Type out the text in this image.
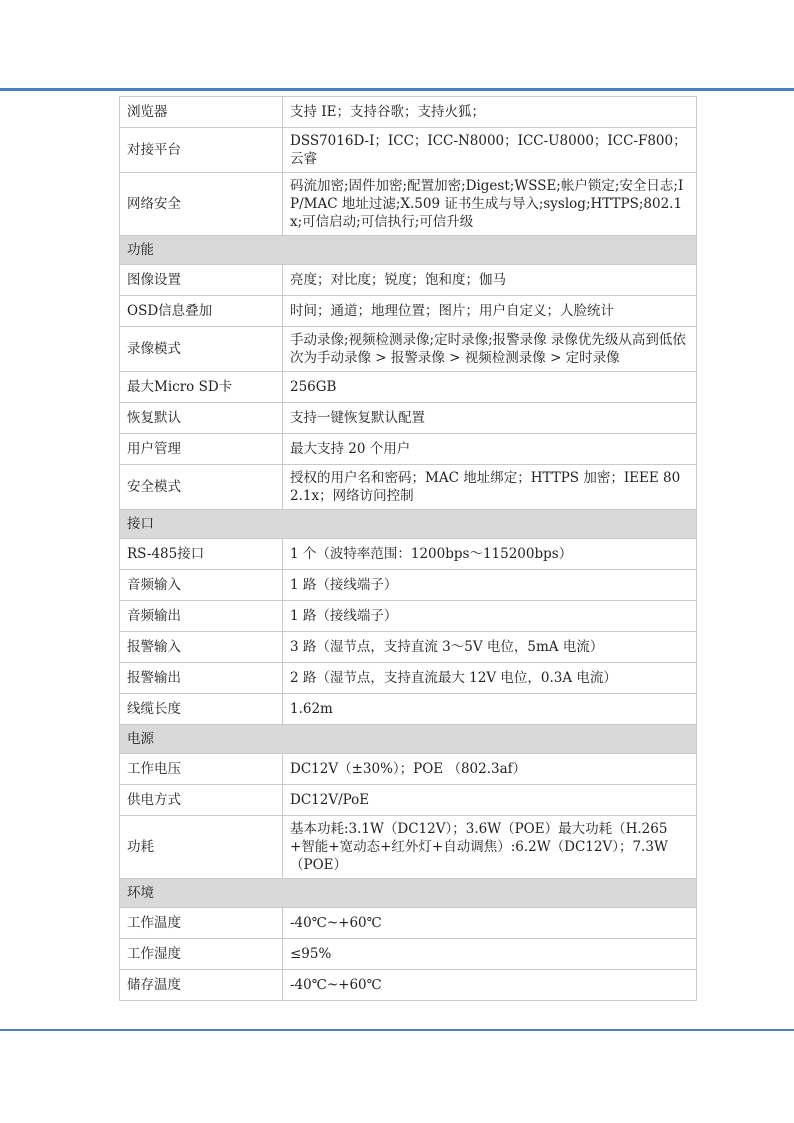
浏览器	支持 IE；支持谷歌；支持火狐；
对接平台	DSS7016D-I；ICC；ICC-N8000；ICC-U8000；ICC-F800；云睿
网络安全	码流加密;固件加密;配置加密;Digest;WSSE;帐户锁定;安全日志;IP/MAC 地址过滤;X.509 证书生成与导入;syslog;HTTPS;802.1x;可信启动;可信执行;可信升级
功能	
图像设置	亮度；对比度；锐度；饱和度；伽马
OSD信息叠加	时间；通道；地理位置；图片；用户自定义；人脸统计
录像模式	手动录像;视频检测录像;定时录像;报警录像 录像优先级从高到低依次为手动录像 > 报警录像 > 视频检测录像 > 定时录像
最大Micro SD卡	256GB
恢复默认	支持一键恢复默认配置
用户管理	最大支持 20 个用户
安全模式	授权的用户名和密码；MAC 地址绑定；HTTPS 加密；IEEE 802.1x；网络访问控制
接口	
RS-485接口	1 个（波特率范围：1200bps～115200bps）
音频输入	1 路（接线端子）
音频输出	1 路（接线端子）
报警输入	3 路（湿节点，支持直流 3～5V 电位，5mA 电流）
报警输出	2 路（湿节点，支持直流最大 12V 电位，0.3A 电流）
线缆长度	1.62m
电源	
工作电压	DC12V（±30%）；POE （802.3af）
供电方式	DC12V/PoE
功耗	基本功耗:3.1W（DC12V）；3.6W（POE）最大功耗（H.265+智能+宽动态+红外灯+自动调焦）:6.2W（DC12V）；7.3W（POE）
环境	
工作温度	-40℃~+60℃
工作湿度	≤95%
储存温度	-40℃~+60℃
